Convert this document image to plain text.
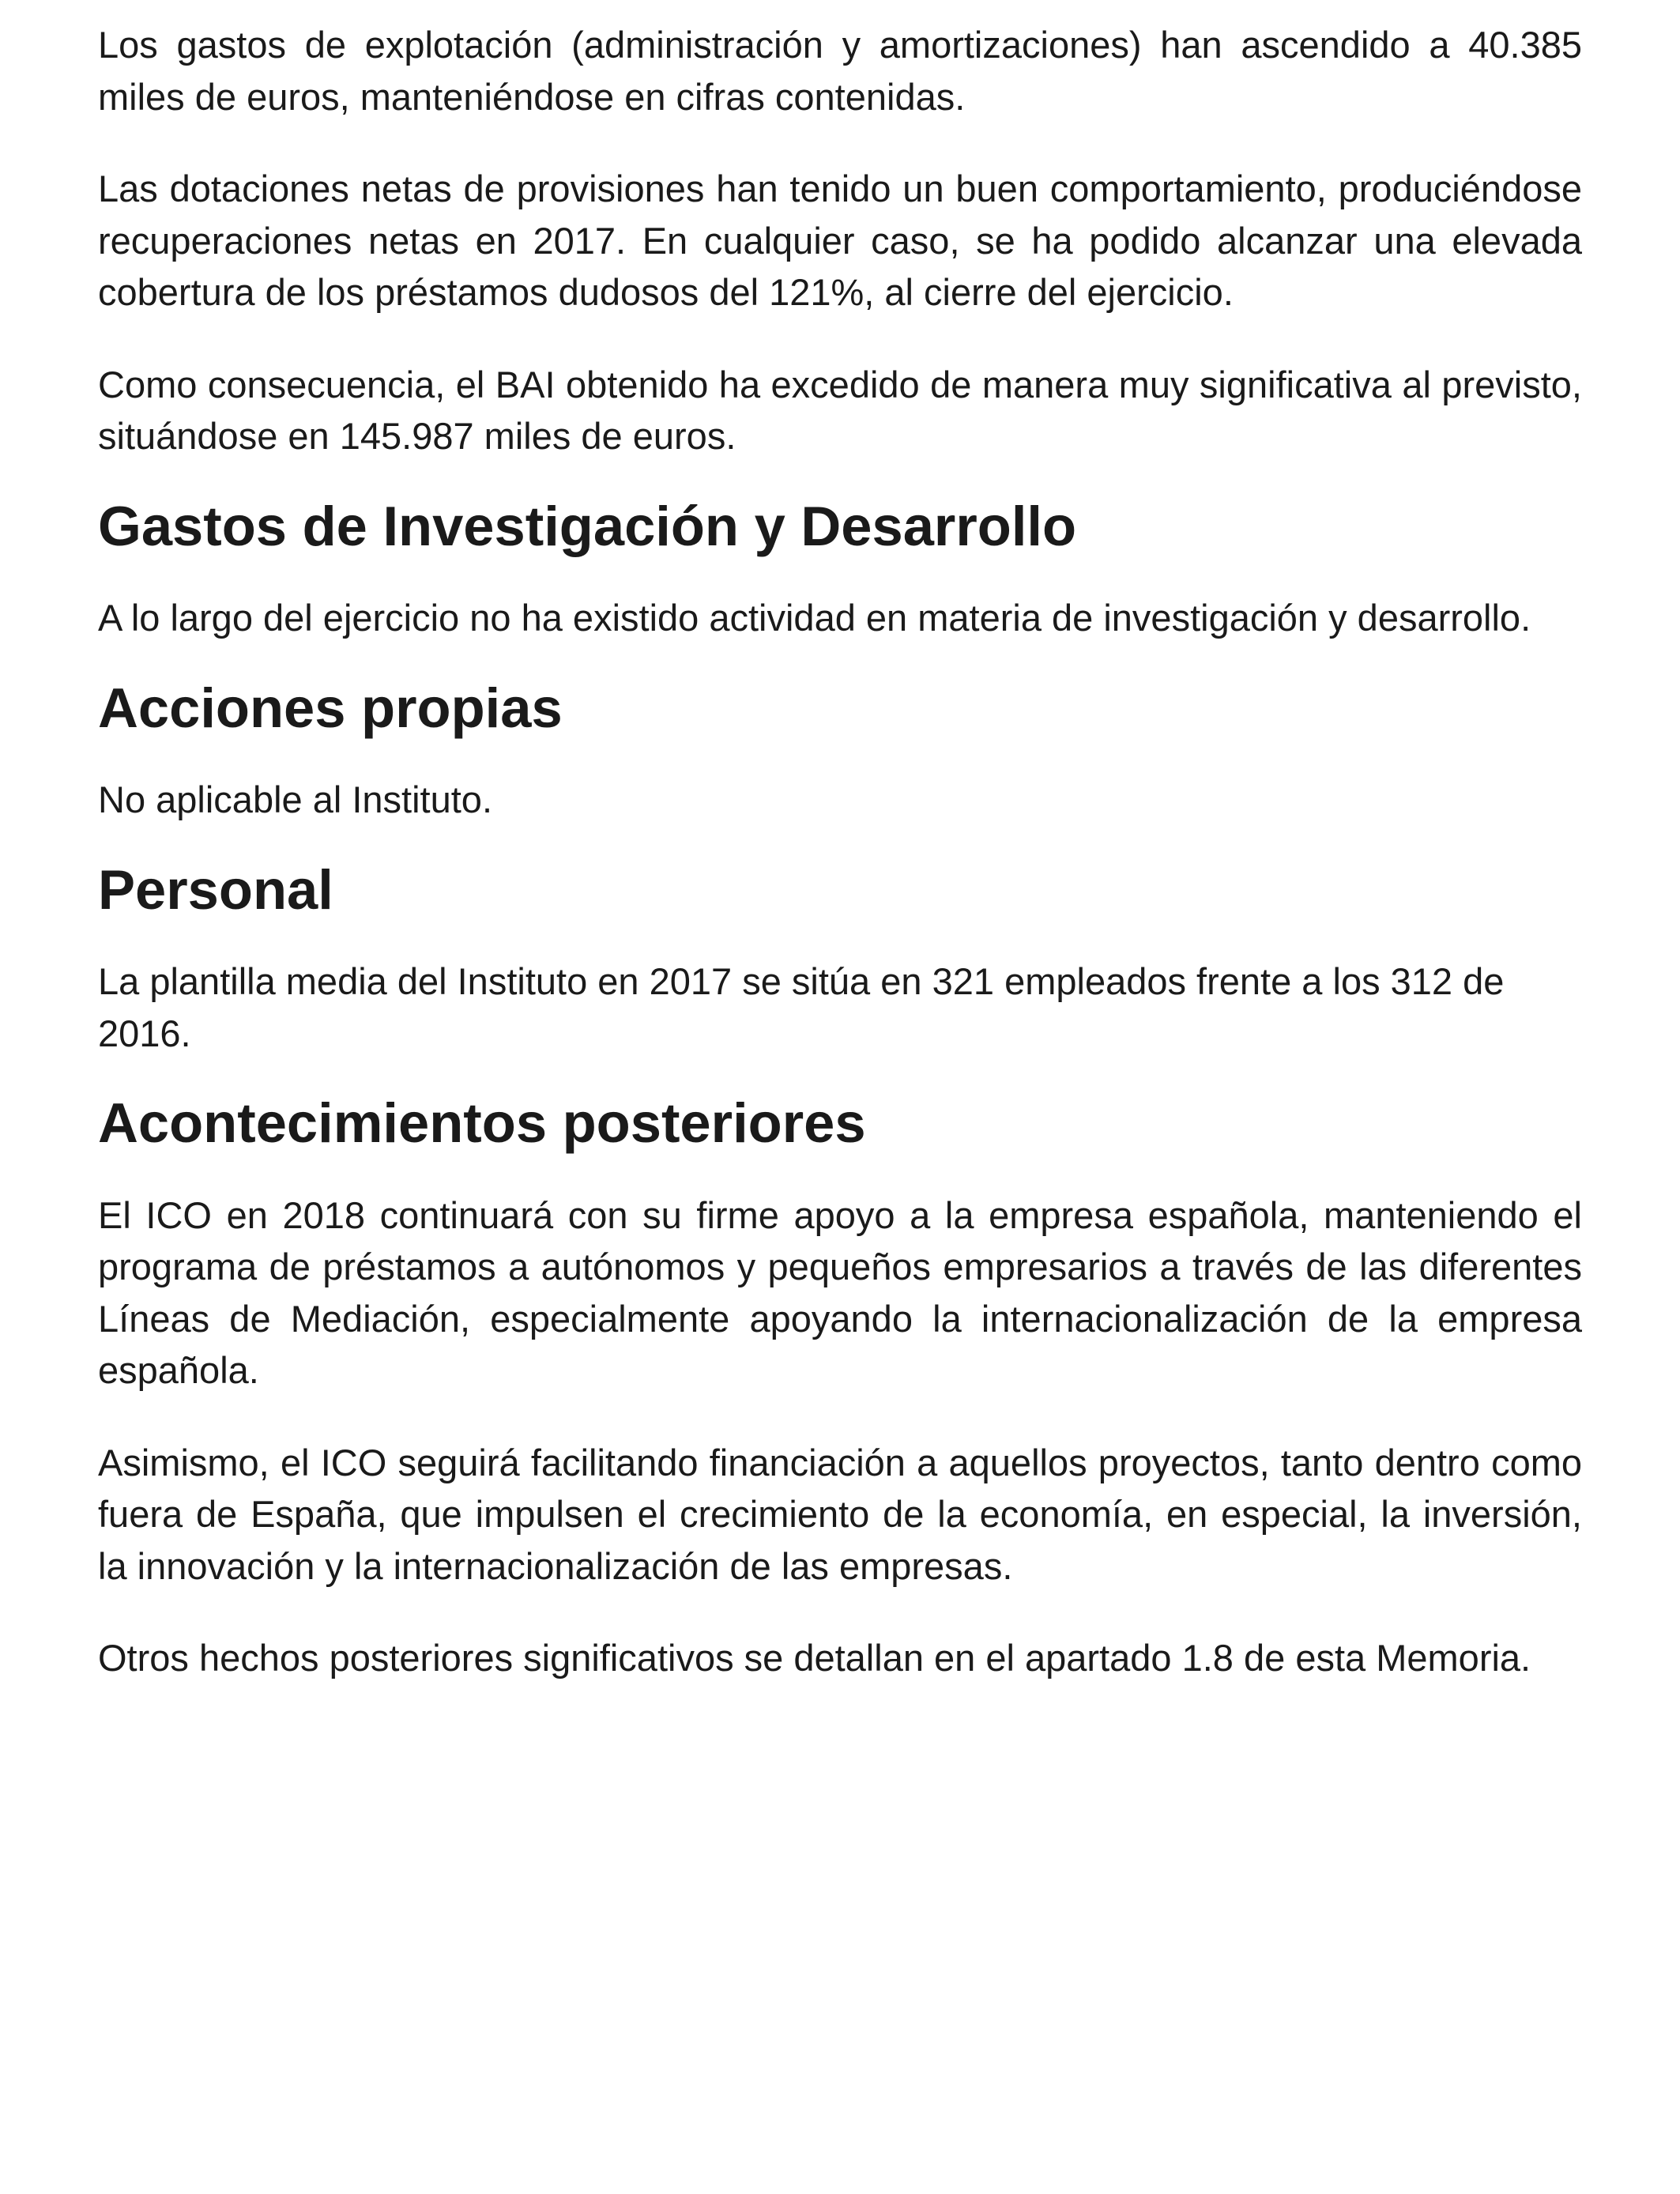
Los gastos de explotación (administración y amortizaciones) han ascendido a 40.385 miles de euros, manteniéndose en cifras contenidas.

Las dotaciones netas de provisiones han tenido un buen comportamiento, produciéndose recuperaciones netas en 2017. En cualquier caso, se ha podido alcanzar una elevada cobertura de los préstamos dudosos del 121%, al cierre del ejercicio.

Como consecuencia, el BAI obtenido ha excedido de manera muy significativa al previsto, situándose en 145.987 miles de euros.

Gastos de Investigación y Desarrollo

A lo largo del ejercicio no ha existido actividad en materia de investigación y desarrollo.

Acciones propias

No aplicable al Instituto.

Personal

La plantilla media del Instituto en 2017 se sitúa en 321 empleados frente a los 312 de 2016.

Acontecimientos posteriores

El ICO en 2018 continuará con su firme apoyo a la empresa española, manteniendo el programa de préstamos a autónomos y pequeños empresarios a través de las diferentes Líneas de Mediación, especialmente apoyando la internacionalización de la empresa española.

Asimismo, el ICO seguirá facilitando financiación a aquellos proyectos, tanto dentro como fuera de España, que impulsen el crecimiento de la economía, en especial, la inversión, la innovación y la internacionalización de las empresas.

Otros hechos posteriores significativos se detallan en el apartado 1.8 de esta Memoria.
